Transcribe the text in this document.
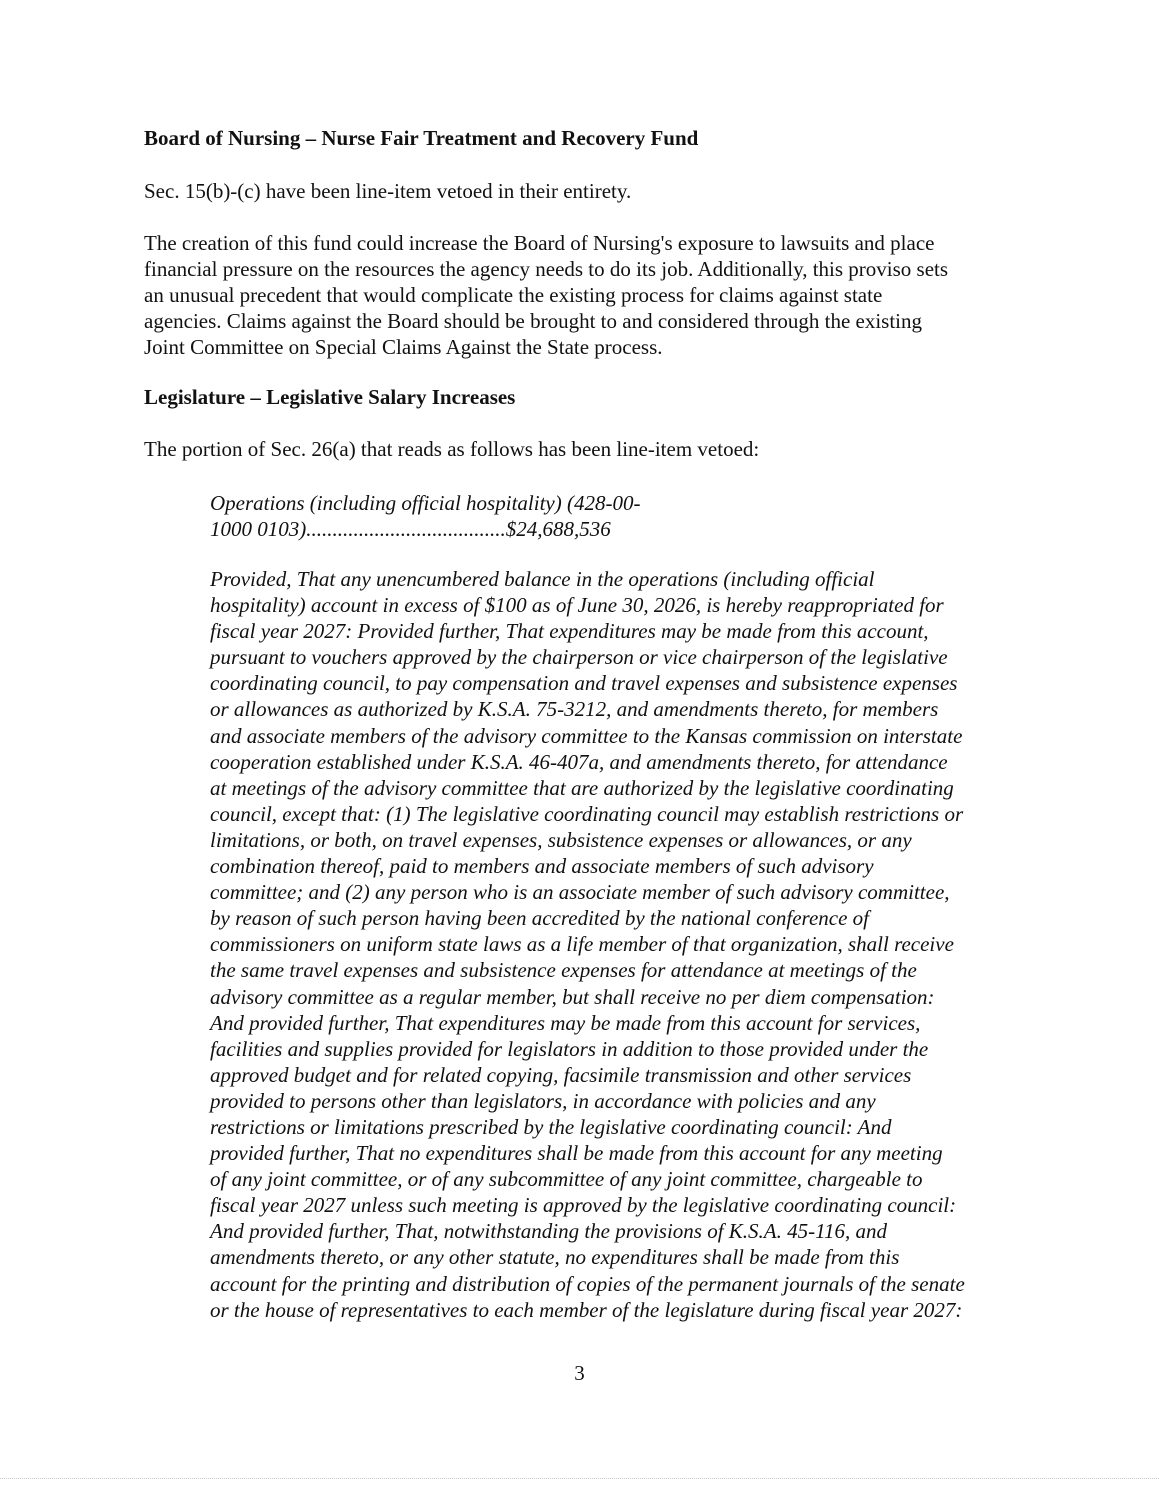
Board of Nursing – Nurse Fair Treatment and Recovery Fund

Sec. 15(b)-(c) have been line-item vetoed in their entirety.

The creation of this fund could increase the Board of Nursing's exposure to lawsuits and place
financial pressure on the resources the agency needs to do its job. Additionally, this proviso sets
an unusual precedent that would complicate the existing process for claims against state
agencies. Claims against the Board should be brought to and considered through the existing
Joint Committee on Special Claims Against the State process.

Legislature – Legislative Salary Increases

The portion of Sec. 26(a) that reads as follows has been line-item vetoed:

Operations (including official hospitality) (428-00-
1000 0103)......................................$24,688,536

Provided, That any unencumbered balance in the operations (including official
hospitality) account in excess of $100 as of June 30, 2026, is hereby reappropriated for
fiscal year 2027: Provided further, That expenditures may be made from this account,
pursuant to vouchers approved by the chairperson or vice chairperson of the legislative
coordinating council, to pay compensation and travel expenses and subsistence expenses
or allowances as authorized by K.S.A. 75-3212, and amendments thereto, for members
and associate members of the advisory committee to the Kansas commission on interstate
cooperation established under K.S.A. 46-407a, and amendments thereto, for attendance
at meetings of the advisory committee that are authorized by the legislative coordinating
council, except that: (1) The legislative coordinating council may establish restrictions or
limitations, or both, on travel expenses, subsistence expenses or allowances, or any
combination thereof, paid to members and associate members of such advisory
committee; and (2) any person who is an associate member of such advisory committee,
by reason of such person having been accredited by the national conference of
commissioners on uniform state laws as a life member of that organization, shall receive
the same travel expenses and subsistence expenses for attendance at meetings of the
advisory committee as a regular member, but shall receive no per diem compensation:
And provided further, That expenditures may be made from this account for services,
facilities and supplies provided for legislators in addition to those provided under the
approved budget and for related copying, facsimile transmission and other services
provided to persons other than legislators, in accordance with policies and any
restrictions or limitations prescribed by the legislative coordinating council: And
provided further, That no expenditures shall be made from this account for any meeting
of any joint committee, or of any subcommittee of any joint committee, chargeable to
fiscal year 2027 unless such meeting is approved by the legislative coordinating council:
And provided further, That, notwithstanding the provisions of K.S.A. 45-116, and
amendments thereto, or any other statute, no expenditures shall be made from this
account for the printing and distribution of copies of the permanent journals of the senate
or the house of representatives to each member of the legislature during fiscal year 2027:

3
